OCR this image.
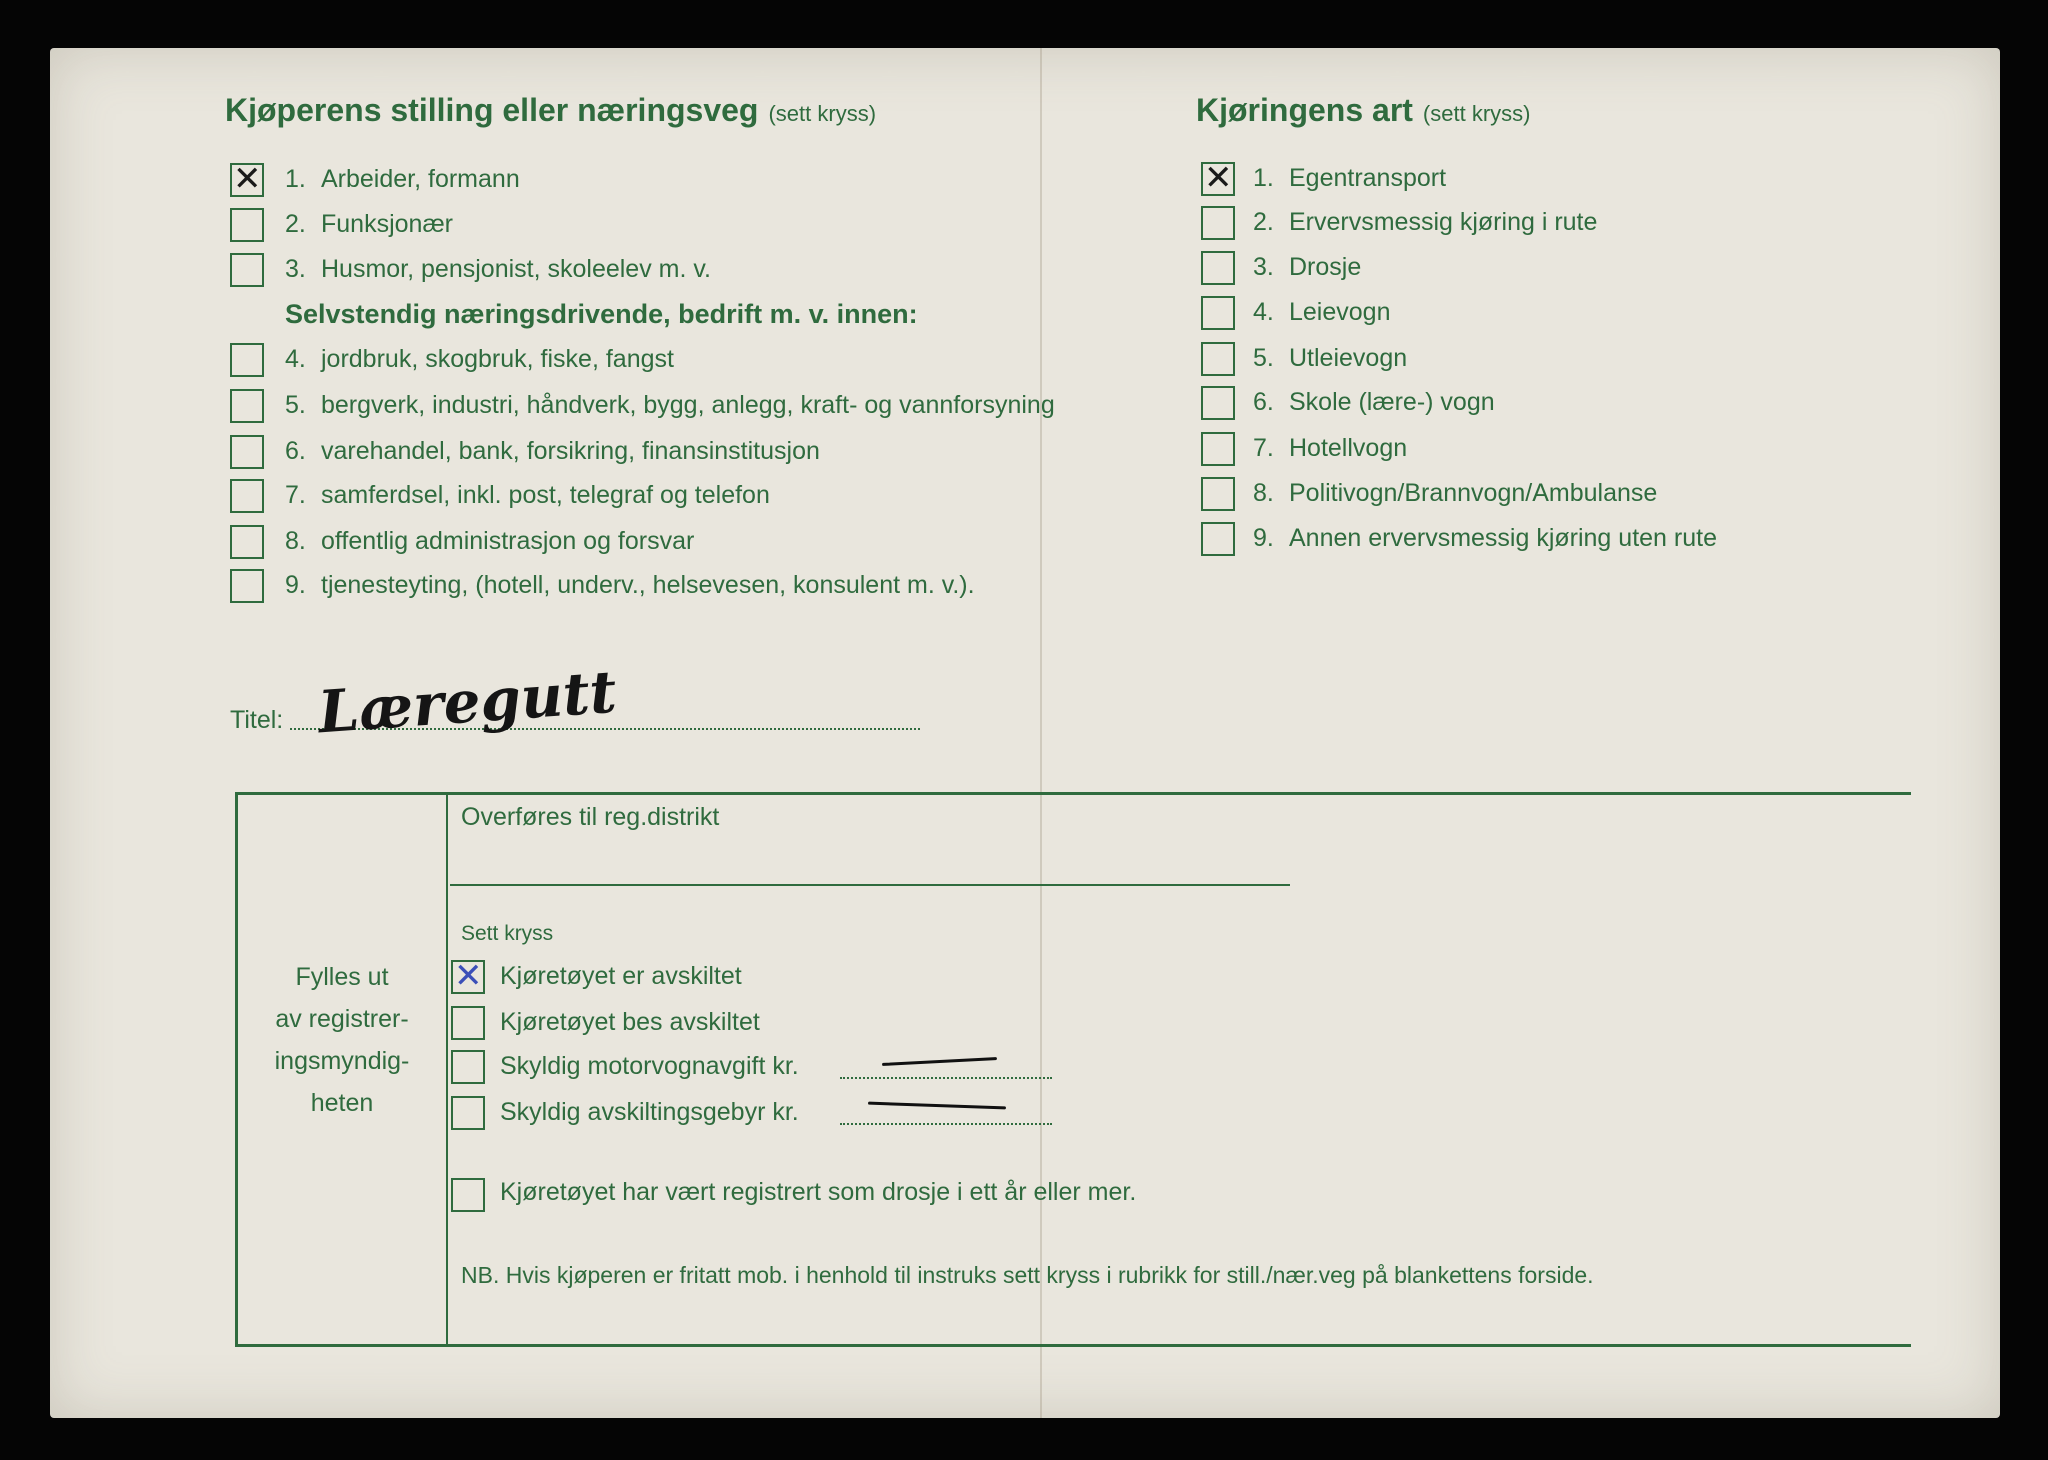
Kjøperens stilling eller næringsveg (sett kryss)
✕
1. Arbeider, formann
2. Funksjonær
3. Husmor, pensjonist, skoleelev m. v.
Selvstendig næringsdrivende, bedrift m. v. innen:
4. jordbruk, skogbruk, fiske, fangst
5. bergverk, industri, håndverk, bygg, anlegg, kraft- og vannforsyning
6. varehandel, bank, forsikring, finansinstitusjon
7. samferdsel, inkl. post, telegraf og telefon
8. offentlig administrasjon og forsvar
9. tjenesteyting, (hotell, underv., helsevesen, konsulent m. v.).
Kjøringens art (sett kryss)
✕
1. Egentransport
2. Ervervsmessig kjøring i rute
3. Drosje
4. Leievogn
5. Utleievogn
6. Skole (lære-) vogn
7. Hotellvogn
8. Politivogn/Brannvogn/Ambulanse
9. Annen ervervsmessig kjøring uten rute
Titel: Læregutt
Fylles ut
av registrer-
ingsmyndig-
heten
Overføres til reg.distrikt
Sett kryss
✕
Kjøretøyet er avskiltet
Kjøretøyet bes avskiltet
Skyldig motorvognavgift kr.
Skyldig avskiltingsgebyr kr.
Kjøretøyet har vært registrert som drosje i ett år eller mer.
NB. Hvis kjøperen er fritatt mob. i henhold til instruks sett kryss i rubrikk for still./nær.veg på blankettens forside.
